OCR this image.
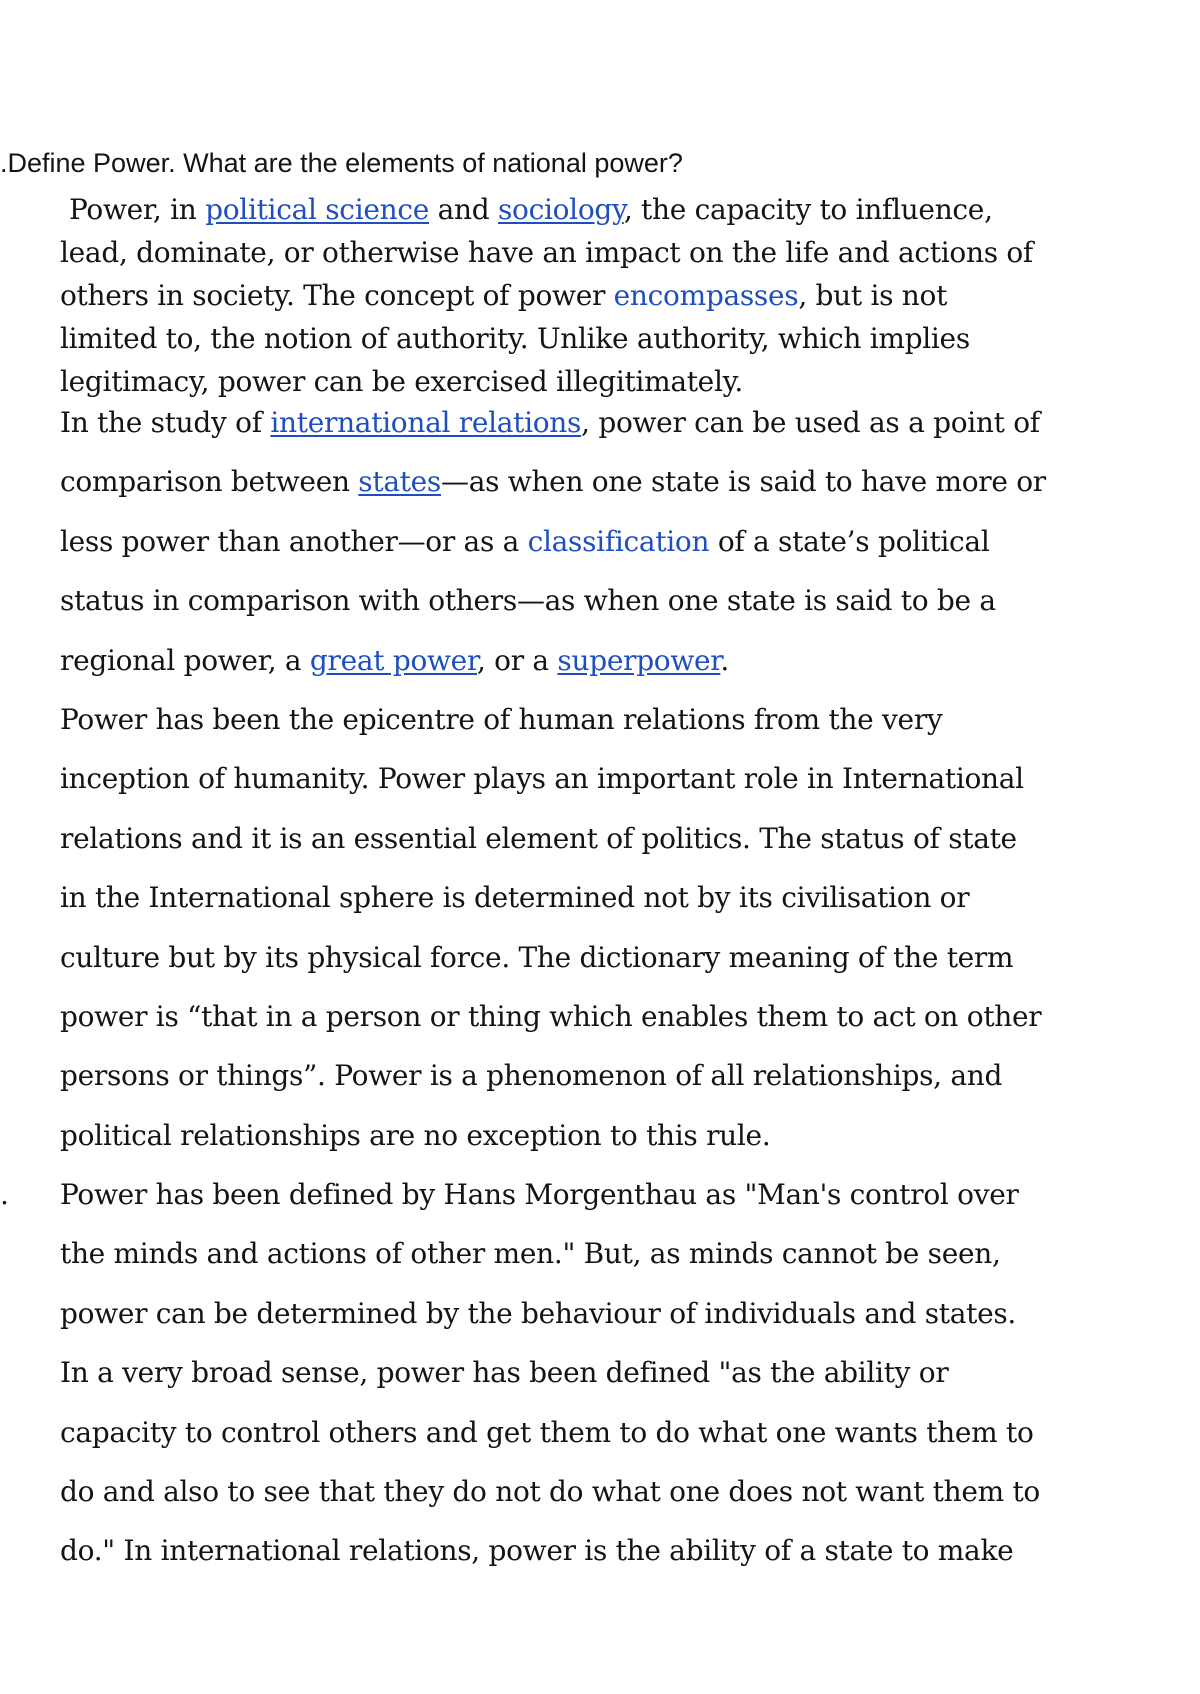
.Define Power. What are the elements of national power?
Power, in political science and sociology, the capacity to influence,
lead, dominate, or otherwise have an impact on the life and actions of
others in society. The concept of power encompasses, but is not
limited to, the notion of authority. Unlike authority, which implies
legitimacy, power can be exercised illegitimately.
In the study of international relations, power can be used as a point of
comparison between states—as when one state is said to have more or
less power than another—or as a classification of a state’s political
status in comparison with others—as when one state is said to be a
regional power, a great power, or a superpower.
Power has been the epicentre of human relations from the very
inception of humanity. Power plays an important role in International
relations and it is an essential element of politics. The status of state
in the International sphere is determined not by its civilisation or
culture but by its physical force. The dictionary meaning of the term
power is “that in a person or thing which enables them to act on other
persons or things”. Power is a phenomenon of all relationships, and
political relationships are no exception to this rule.
. Power has been defined by Hans Morgenthau as "Man's control over
the minds and actions of other men." But, as minds cannot be seen,
power can be determined by the behaviour of individuals and states.
In a very broad sense, power has been defined "as the ability or
capacity to control others and get them to do what one wants them to
do and also to see that they do not do what one does not want them to
do." In international relations, power is the ability of a state to make
